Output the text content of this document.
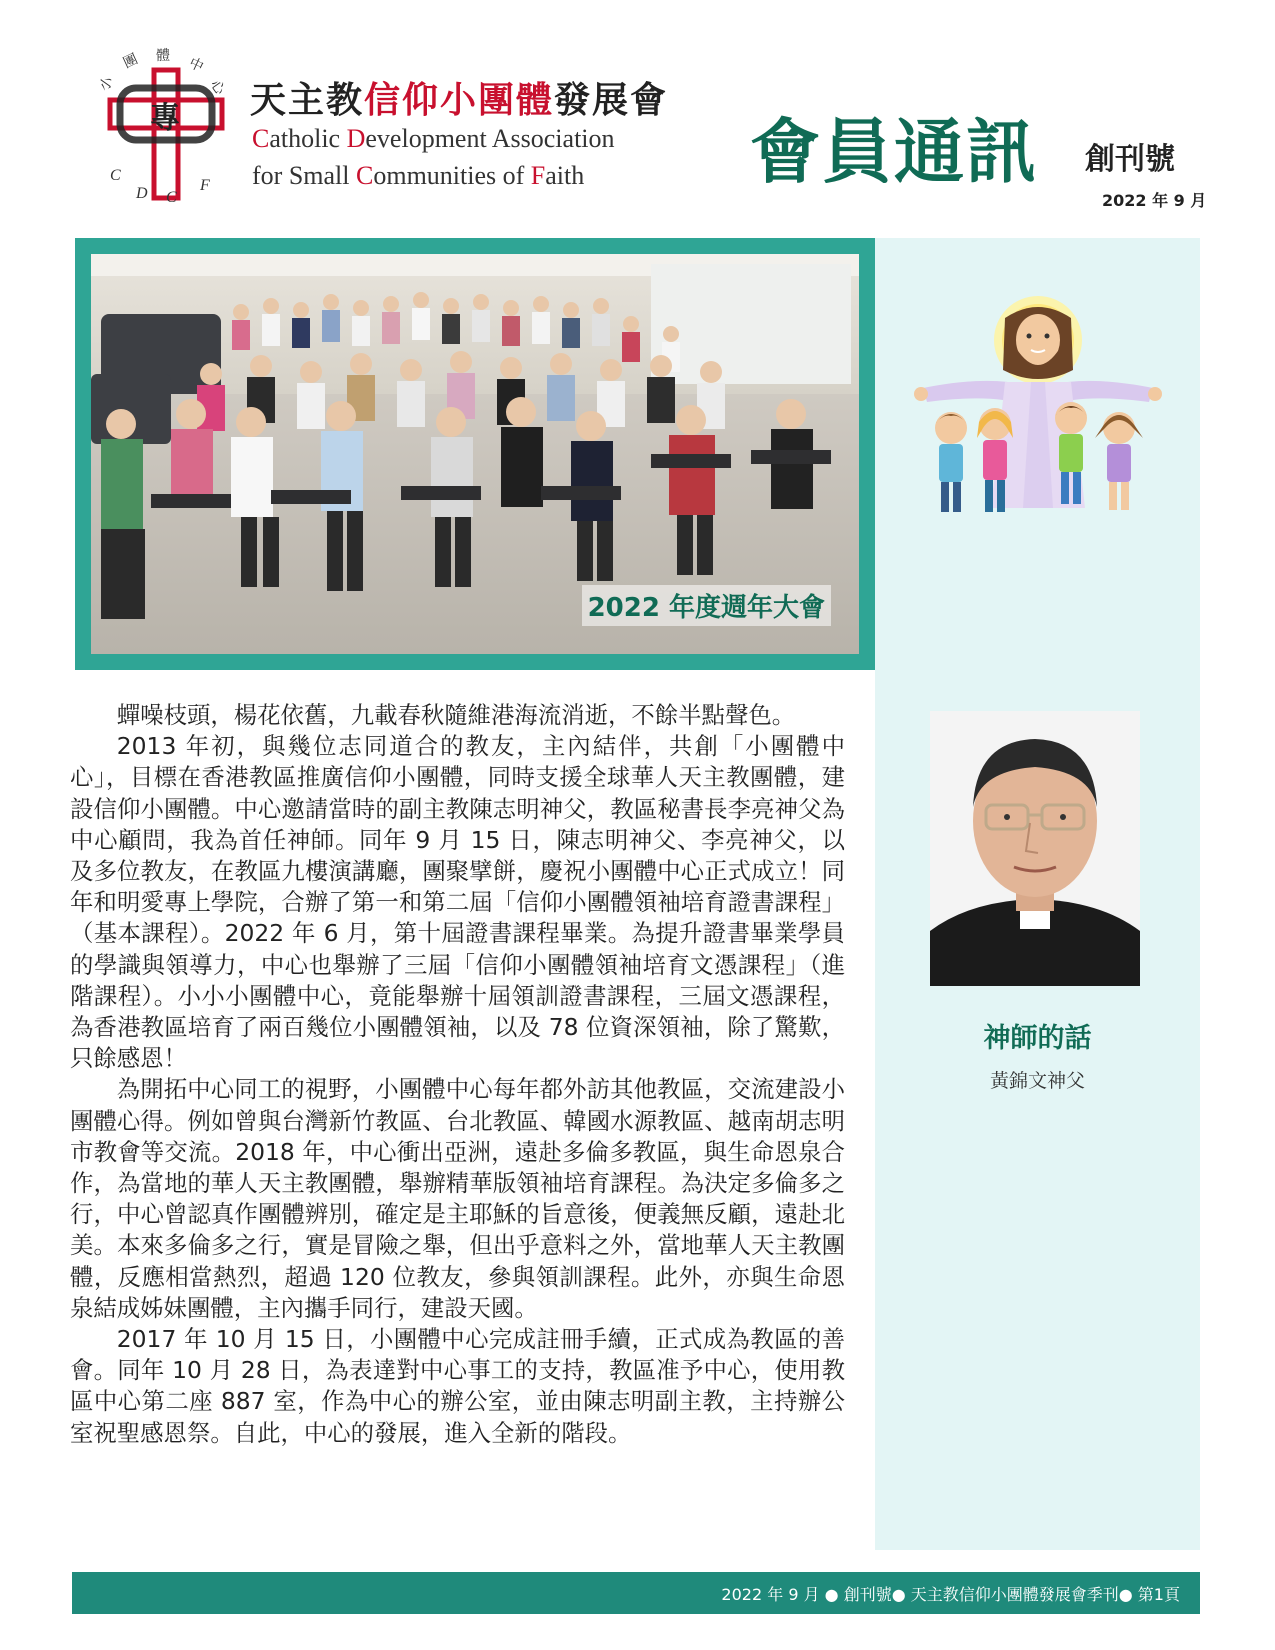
小
團 體 中
心
專
C
D C
F
天主教信仰小團體發展會
Catholic Development Association
for Small Communities of Faith 會員通訊 創刊號
2022 年 9 月
2022 年度週年大會
神師的話
黃錦文神父

蟬噪枝頭，楊花依舊，九載春秋隨維港海流消逝，不餘半點聲色。

2013 年初，與幾位志同道合的教友，主內結伴，共創「小團體中心」，目標在香港教區推廣信仰小團體，同時支援全球華人天主教團體，建設信仰小團體。中心邀請當時的副主教陳志明神父，教區秘書長李亮神父為中心顧問，我為首任神師。同年 9 月 15 日，陳志明神父、李亮神父，以及多位教友，在教區九樓演講廳，團聚擘餅，慶祝小團體中心正式成立！同年和明愛專上學院，合辦了第一和第二屆「信仰小團體領袖培育證書課程」（基本課程）。2022 年 6 月，第十屆證書課程畢業。為提升證書畢業學員的學識與領導力，中心也舉辦了三屆「信仰小團體領袖培育文憑課程」（進階課程）。小小小團體中心，竟能舉辦十屆領訓證書課程，三屆文憑課程，為香港教區培育了兩百幾位小團體領袖，以及 78 位資深領袖，除了驚歎，只餘感恩！

為開拓中心同工的視野，小團體中心每年都外訪其他教區，交流建設小團體心得。例如曾與台灣新竹教區、台北教區、韓國水源教區、越南胡志明市教會等交流。2018 年，中心衝出亞洲，遠赴多倫多教區，與生命恩泉合作，為當地的華人天主教團體，舉辦精華版領袖培育課程。為決定多倫多之行，中心曾認真作團體辨別，確定是主耶穌的旨意後，便義無反顧，遠赴北美。本來多倫多之行，實是冒險之舉，但出乎意料之外，當地華人天主教團體，反應相當熱烈，超過 120 位教友，參與領訓課程。此外，亦與生命恩泉結成姊妹團體，主內攜手同行，建設天國。

2017 年 10 月 15 日，小團體中心完成註冊手續，正式成為教區的善會。同年 10 月 28 日，為表達對中心事工的支持，教區准予中心，使用教區中心第二座 887 室，作為中心的辦公室，並由陳志明副主教，主持辦公室祝聖感恩祭。自此，中心的發展，進入全新的階段。

2022 年 9 月 ● 創刊號● 天主教信仰小團體發展會季刊● 第1頁
